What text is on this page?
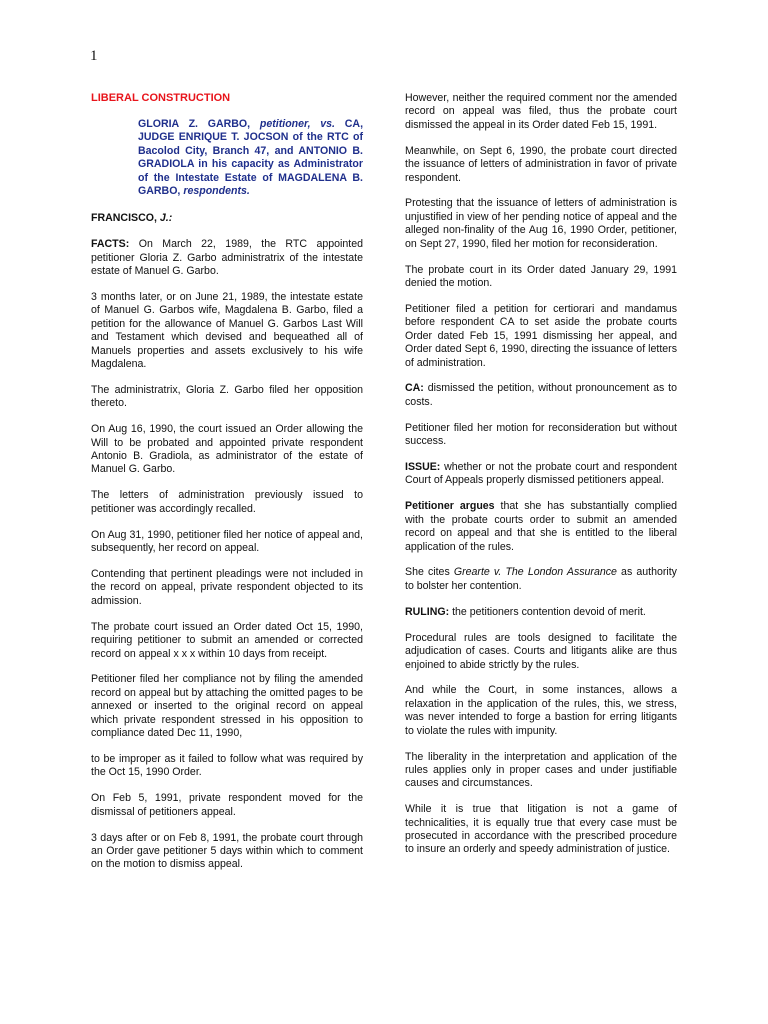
1

LIBERAL CONSTRUCTION

GLORIA Z. GARBO, petitioner, vs. CA, JUDGE ENRIQUE T. JOCSON of the RTC of Bacolod City, Branch 47, and ANTONIO B. GRADIOLA in his capacity as Administrator of the Intestate Estate of MAGDALENA B. GARBO, respondents.

FRANCISCO, J.:

FACTS: On March 22, 1989, the RTC appointed petitioner Gloria Z. Garbo administratrix of the intestate estate of Manuel G. Garbo.

3 months later, or on June 21, 1989, the intestate estate of Manuel G. Garbos wife, Magdalena B. Garbo, filed a petition for the allowance of Manuel G. Garbos Last Will and Testament which devised and bequeathed all of Manuels properties and assets exclusively to his wife Magdalena.

The administratrix, Gloria Z. Garbo filed her opposition thereto.

On Aug 16, 1990, the court issued an Order allowing the Will to be probated and appointed private respondent Antonio B. Gradiola, as administrator of the estate of Manuel G. Garbo.

The letters of administration previously issued to petitioner was accordingly recalled.

On Aug 31, 1990, petitioner filed her notice of appeal and, subsequently, her record on appeal.

Contending that pertinent pleadings were not included in the record on appeal, private respondent objected to its admission.

The probate court issued an Order dated Oct 15, 1990, requiring petitioner to submit an amended or corrected record on appeal x x x within 10 days from receipt.

Petitioner filed her compliance not by filing the amended record on appeal but by attaching the omitted pages to be annexed or inserted to the original record on appeal which private respondent stressed in his opposition to compliance dated Dec 11, 1990,

to be improper as it failed to follow what was required by the Oct 15, 1990 Order.

On Feb 5, 1991, private respondent moved for the dismissal of petitioners appeal.

3 days after or on Feb 8, 1991, the probate court through an Order gave petitioner 5 days within which to comment on the motion to dismiss appeal.

However, neither the required comment nor the amended record on appeal was filed, thus the probate court dismissed the appeal in its Order dated Feb 15, 1991.

Meanwhile, on Sept 6, 1990, the probate court directed the issuance of letters of administration in favor of private respondent.

Protesting that the issuance of letters of administration is unjustified in view of her pending notice of appeal and the alleged non-finality of the Aug 16, 1990 Order, petitioner, on Sept 27, 1990, filed her motion for reconsideration.

The probate court in its Order dated January 29, 1991 denied the motion.

Petitioner filed a petition for certiorari and mandamus before respondent CA to set aside the probate courts Order dated Feb 15, 1991 dismissing her appeal, and Order dated Sept 6, 1990, directing the issuance of letters of administration.

CA: dismissed the petition, without pronouncement as to costs.

Petitioner filed her motion for reconsideration but without success.

ISSUE: whether or not the probate court and respondent Court of Appeals properly dismissed petitioners appeal.

Petitioner argues that she has substantially complied with the probate courts order to submit an amended record on appeal and that she is entitled to the liberal application of the rules.

She cites Grearte v. The London Assurance as authority to bolster her contention.

RULING: the petitioners contention devoid of merit.

Procedural rules are tools designed to facilitate the adjudication of cases. Courts and litigants alike are thus enjoined to abide strictly by the rules.

And while the Court, in some instances, allows a relaxation in the application of the rules, this, we stress, was never intended to forge a bastion for erring litigants to violate the rules with impunity.

The liberality in the interpretation and application of the rules applies only in proper cases and under justifiable causes and circumstances.

While it is true that litigation is not a game of technicalities, it is equally true that every case must be prosecuted in accordance with the prescribed procedure to insure an orderly and speedy administration of justice.
